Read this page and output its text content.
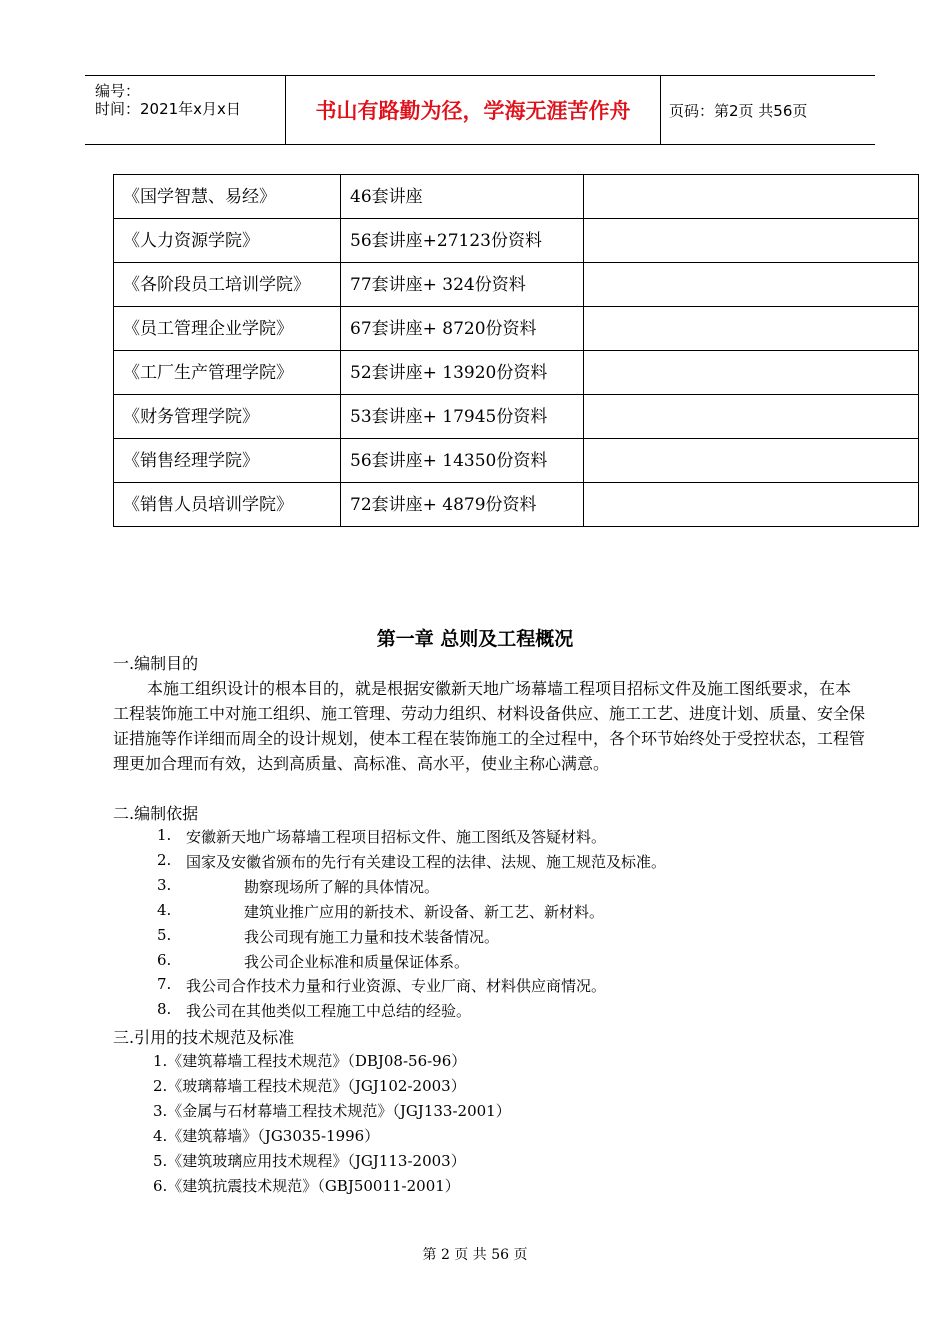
编号：
时间：2021年x月x日	书山有路勤为径，学海无涯苦作舟	页码：第2页 共56页
《国学智慧、易经》	46套讲座	
《人力资源学院》	56套讲座+27123份资料	
《各阶段员工培训学院》	77套讲座+ 324份资料	
《员工管理企业学院》	67套讲座+ 8720份资料	
《工厂生产管理学院》	52套讲座+ 13920份资料	
《财务管理学院》	53套讲座+ 17945份资料	
《销售经理学院》	56套讲座+ 14350份资料	
《销售人员培训学院》	72套讲座+ 4879份资料	
第一章 总则及工程概况
一.编制目的
本施工组织设计的根本目的，就是根据安徽新天地广场幕墙工程项目招标文件及施工图纸要求，在本工程装饰施工中对施工组织、施工管理、劳动力组织、材料设备供应、施工工艺、进度计划、质量、安全保证措施等作详细而周全的设计规划，使本工程在装饰施工的全过程中，各个环节始终处于受控状态，工程管理更加合理而有效，达到高质量、高标准、高水平，使业主称心满意。
二.编制依据
1. 安徽新天地广场幕墙工程项目招标文件、施工图纸及答疑材料。
2. 国家及安徽省颁布的先行有关建设工程的法律、法规、施工规范及标准。
3.	勘察现场所了解的具体情况。
4.	建筑业推广应用的新技术、新设备、新工艺、新材料。
5.	我公司现有施工力量和技术装备情况。
6.	我公司企业标准和质量保证体系。
7. 我公司合作技术力量和行业资源、专业厂商、材料供应商情况。
8. 我公司在其他类似工程施工中总结的经验。
三.引用的技术规范及标准
1.《建筑幕墙工程技术规范》（DBJ08-56-96）
2.《玻璃幕墙工程技术规范》（JGJ102-2003）
3.《金属与石材幕墙工程技术规范》（JGJ133-2001）
4.《建筑幕墙》（JG3035-1996）
5.《建筑玻璃应用技术规程》（JGJ113-2003）
6.《建筑抗震技术规范》（GBJ50011-2001）
第 2 页 共 56 页
